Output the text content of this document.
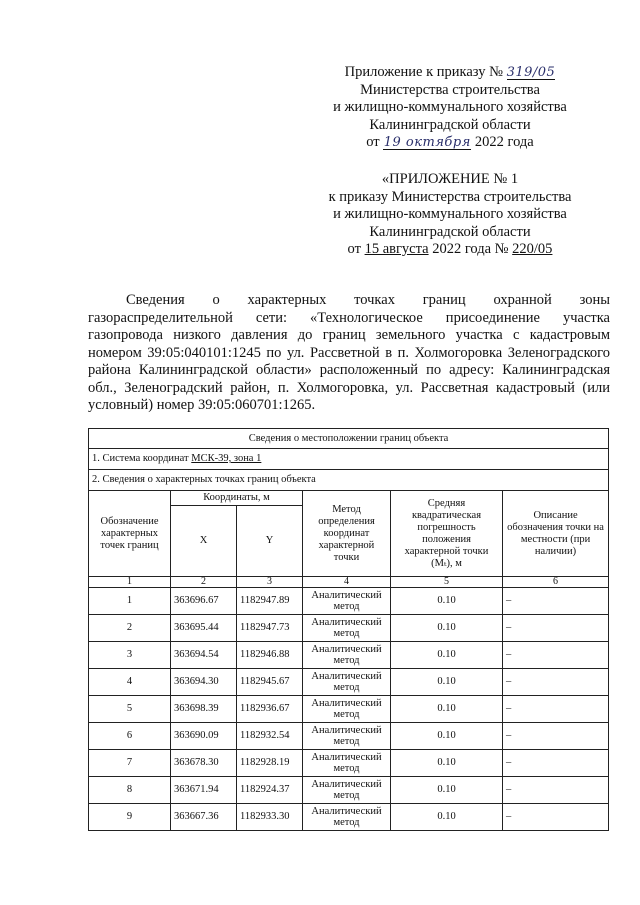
Приложение к приказу № 319/05
Министерства строительства
и жилищно-коммунального хозяйства
Калининградской области
от 19 октября 2022 года
«ПРИЛОЖЕНИЕ № 1
к приказу Министерства строительства
и жилищно-коммунального хозяйства
Калининградской области
от 15 августа 2022 года № 220/05
Сведения о характерных точках границ охранной зоны газораспределительной сети: «Технологическое присоединение участка газопровода низкого давления до границ земельного участка с кадастровым номером 39:05:040101:1245 по ул. Рассветной в п. Холмогоровка Зеленоградского района Калининградской области» расположенный по адресу: Калининградская обл., Зеленоградский район, п. Холмогоровка, ул. Рассветная кадастровый (или условный) номер 39:05:060701:1265.
Сведения о местоположении границ объекта					
1. Система координат МСК-39, зона 1					
2. Сведения о характерных точках границ объекта					
Обозначение характерных точек границ	Координаты, м		Метод определения координат характерной точки	Средняя квадратическая погрешность положения характерной точки (Mₜ), м	Описание обозначения точки на местности (при наличии)
	X	Y			
1	2	3	4	5	6
1	363696.67	1182947.89	Аналитический метод	0.10	–
2	363695.44	1182947.73	Аналитический метод	0.10	–
3	363694.54	1182946.88	Аналитический метод	0.10	–
4	363694.30	1182945.67	Аналитический метод	0.10	–
5	363698.39	1182936.67	Аналитический метод	0.10	–
6	363690.09	1182932.54	Аналитический метод	0.10	–
7	363678.30	1182928.19	Аналитический метод	0.10	–
8	363671.94	1182924.37	Аналитический метод	0.10	–
9	363667.36	1182933.30	Аналитический метод	0.10	–
